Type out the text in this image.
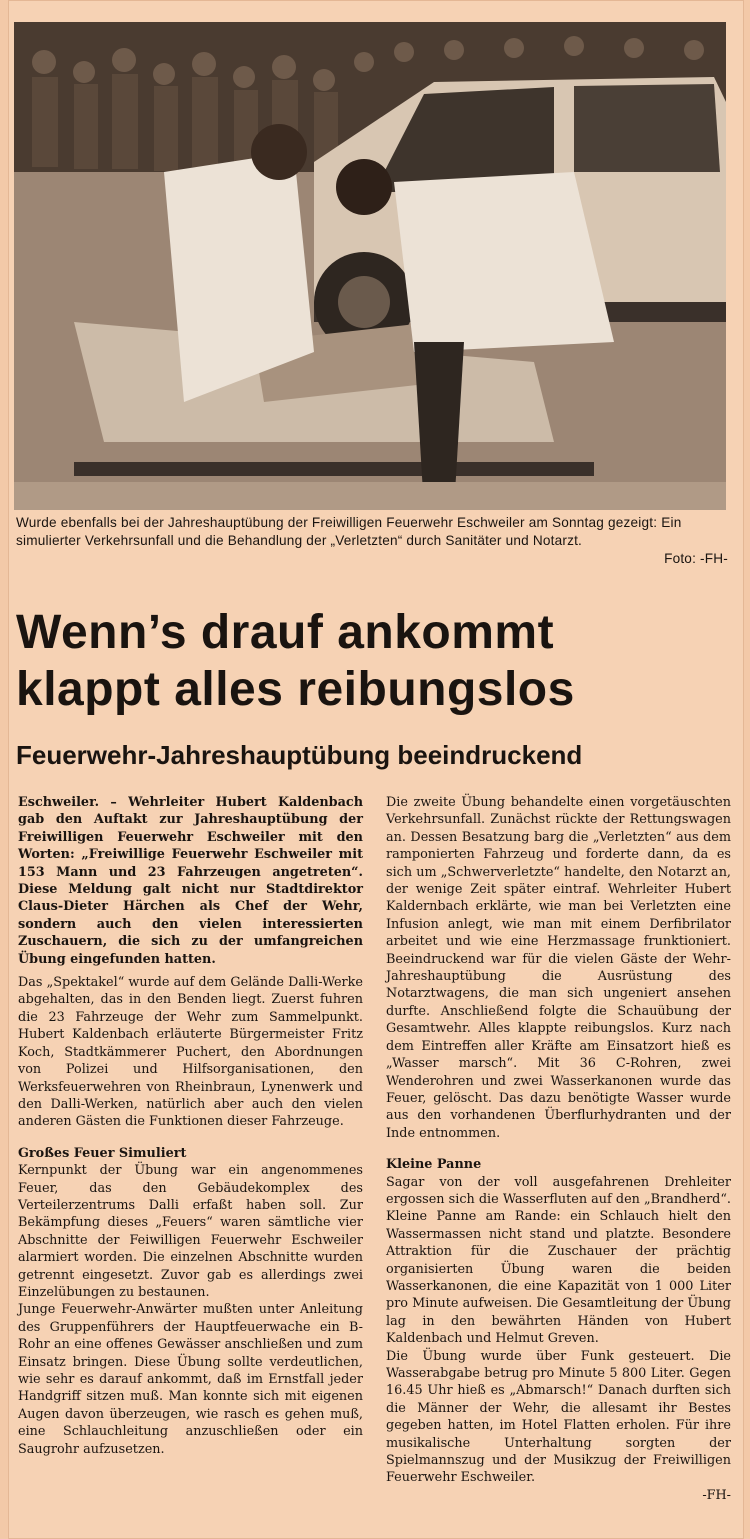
Wurde ebenfalls bei der Jahreshauptübung der Freiwilligen Feuerwehr Eschweiler am Sonntag gezeigt: Ein simulierter Verkehrsunfall und die Behandlung der „Verletzten“ durch Sanitäter und Notarzt.
Foto: -FH-
Wenn’s drauf ankommt
klappt alles reibungslos
Feuerwehr-Jahreshauptübung beeindruckend

Eschweiler. – Wehrleiter Hubert Kaldenbach gab den Auftakt zur Jahreshauptübung der Freiwilligen Feuerwehr Eschweiler mit den Worten: „Freiwillige Feuerwehr Eschweiler mit 153 Mann und 23 Fahrzeugen angetreten“. Diese Meldung galt nicht nur Stadtdirektor Claus-Dieter Härchen als Chef der Wehr, sondern auch den vielen interessierten Zuschauern, die sich zu der umfangreichen Übung eingefunden hatten.

Das „Spektakel“ wurde auf dem Gelände Dalli-Werke abgehalten, das in den Benden liegt. Zuerst fuhren die 23 Fahrzeuge der Wehr zum Sammelpunkt. Hubert Kaldenbach erläuterte Bürgermeister Fritz Koch, Stadtkämmerer Puchert, den Abordnungen von Polizei und Hilfsorganisationen, den Werksfeuerwehren von Rheinbraun, Lynenwerk und den Dalli-Werken, natürlich aber auch den vielen anderen Gästen die Funktionen dieser Fahrzeuge.

Großes Feuer Simuliert

Kernpunkt der Übung war ein angenommenes Feuer, das den Gebäudekomplex des Verteilerzentrums Dalli erfaßt haben soll. Zur Bekämpfung dieses „Feuers“ waren sämtliche vier Abschnitte der Feiwilligen Feuerwehr Eschweiler alarmiert worden. Die einzelnen Abschnitte wurden getrennt eingesetzt. Zuvor gab es allerdings zwei Einzelübungen zu bestaunen.

Junge Feuerwehr-Anwärter mußten unter Anleitung des Gruppenführers der Hauptfeuerwache ein B-Rohr an eine offenes Gewässer anschließen und zum Einsatz bringen. Diese Übung sollte verdeutlichen, wie sehr es darauf ankommt, daß im Ernstfall jeder Handgriff sitzen muß. Man konnte sich mit eigenen Augen davon überzeugen, wie rasch es gehen muß, eine Schlauchleitung anzuschließen oder ein Saugrohr aufzusetzen.

Die zweite Übung behandelte einen vorgetäuschten Verkehrsunfall. Zunächst rückte der Rettungswagen an. Dessen Besatzung barg die „Verletzten“ aus dem ramponierten Fahrzeug und forderte dann, da es sich um „Schwerverletzte“ handelte, den Notarzt an, der wenige Zeit später eintraf. Wehrleiter Hubert Kaldernbach erklärte, wie man bei Verletzten eine Infusion anlegt, wie man mit einem Derfibrilator arbeitet und wie eine Herzmassage frunktioniert. Beeindruckend war für die vielen Gäste der Wehr-Jahreshauptübung die Ausrüstung des Notarztwagens, die man sich ungeniert ansehen durfte. Anschließend folgte die Schauübung der Gesamtwehr. Alles klappte reibungslos. Kurz nach dem Eintreffen aller Kräfte am Einsatzort hieß es „Wasser marsch“. Mit 36 C-Rohren, zwei Wenderohren und zwei Wasserkanonen wurde das Feuer, gelöscht. Das dazu benötigte Wasser wurde aus den vorhandenen Überflurhydranten und der Inde entnommen.

Kleine Panne

Sagar von der voll ausgefahrenen Drehleiter ergossen sich die Wasserfluten auf den „Brandherd“. Kleine Panne am Rande: ein Schlauch hielt den Wassermassen nicht stand und platzte. Besondere Attraktion für die Zuschauer der prächtig organisierten Übung waren die beiden Wasserkanonen, die eine Kapazität von 1 000 Liter pro Minute aufweisen. Die Gesamtleitung der Übung lag in den bewährten Händen von Hubert Kaldenbach und Helmut Greven.

Die Übung wurde über Funk gesteuert. Die Wasserabgabe betrug pro Minute 5 800 Liter. Gegen 16.45 Uhr hieß es „Abmarsch!“ Danach durften sich die Männer der Wehr, die allesamt ihr Bestes gegeben hatten, im Hotel Flatten erholen. Für ihre musikalische Unterhaltung sorgten der Spielmannszug und der Musikzug der Freiwilligen Feuerwehr Eschweiler.

-FH-
